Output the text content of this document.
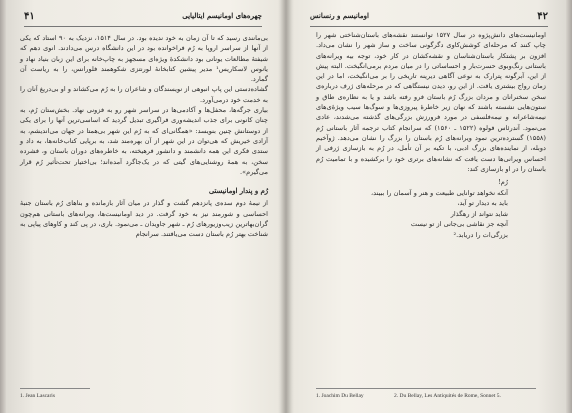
چهره‌های اومانیسم ایتالیایی
۴۱

بی‌مانندی رسید که تا آن زمان به خود ندیده بود. در سال ۱۵۱۴، نزدیک به ۹۰ استاد که یکی از آنها از سراسر اروپا به رُم فراخوانده بود در این دانشگاه درس می‌دادند. انوی دهم که شیفتهٔ مطالعات یونانی بود دانشکدهٔ ویژه‌ای مسجهز به چاپ‌خانه برای این زبان بنیاد نهاد و یانوس لاسکاریس¹ مدیر پیشین کتابخانهٔ لورنتزی شکوهمند فلورانس، را به ریاست آن گمارد.

گشاده‌دستی این پاپ انبوهی از نویسندگان و شاعران را به رُم می‌کشاند و او بی‌دریغ آنان را به خدمت خود درمی‌آورد.

بیاری جرگه‌ها، محفل‌ها و آکادمی‌ها در سراسر شهر رو به فزونی نهاد. بخش‌ستان رُم، به چنان کانونی برای جذب اندیشه‌وری فراگیری تبدیل گردید که اساسی‌ترین آنها را برای یکی از دوستانش چنین بنویسد: «همگانی‌ای که به رُم این شهر بی‌همتا در جهان می‌اندیشم، به آزادی خیریش که هی‌توان در این شهر از آن بهره‌مند شد، به برپایی کتاب‌خانه‌ها، به داد و ستدی فکری این همه دانشمند و دانشور فرهیخته، به خاطره‌های دوران باستان و، فشرده سخن، به همهٔ روشنایی‌های گیتی که در یک‌جاگرد آمده‌اند؛ بی‌اختیار تحت‌تأثیر رُم قرار می‌گیرم».

رُم و پندار اومانیستی

از نیمهٔ دوم سده‌ی پانزدهم گشت و گذار در میان آثار بازمانده و بناهای رُم باستان جنبهٔ احساسی و شورمند نیز به خود گرفت. در دید اومانیست‌ها، ویرانه‌های باستانی هم‌چون گران‌بهاترین زیب‌وزیورهای رُم ـ شهر جاویدان ـ می‌نمود. باری، در پی کند و کاوهای پیاپی به شناخت بهتر رُم باستان دست می‌یافتند. سرانجام

1. Jean Lascaris
۴۲
اومانیسم و رنسانس

اومانیست‌های دانش‌پژوه در سال ۱۵۲۷ توانستند نقشه‌های باستان‌شناختی شهر را چاپ کنند که مرحله‌ای کوشش‌کاوی دگرگونی ساخت و ساز شهر را نشان می‌داد. افزون بر پشتکار باستان‌شناسان و نقشه‌کشان در کار خود، توجه بیه ویرانه‌های باستانی رنگ‌وبوی حسرت‌بار و احساساتی را در میان مردم برمی‌انگیخت. البته پیش از این، آبرگونه پترارک به نوعی آگاهی دیرینه تاریخی را بر می‌انگیخت، اما در این زمان رواج بیشتری یافت. از این رو، دیدن نیستگاهی که در مرحله‌های ژرف درباره‌ی سخن سخنرانان و مردان بزرگ رُم باستان فرو رفته باشد و یا به نظاره‌ی طاق و ستون‌هایی نشسته باشند که نهان زیر خاطرهٔ پیروزی‌ها و سوگ‌ها سیب ویژهٔ‌ی‌های نیمه‌شاعرانه و نیمه‌فلسفی در مورد فرورزش بزرگی‌های گذشته می‌شدند، عادی می‌نمود. آندرئاس فولوه (۱۵۲۲ ـ ۱۵۶۰) که سرانجام کتاب ترجمه آثار باستانی رُم (۱۵۵۸) گسترده‌ترین نمود ویرانه‌های رُم باستان را بزرگ را نشان می‌دهد. ژوآخیم دوبله، از نماینده‌های بزرگ ادبی، با تکیه بر آن تأمل، در رُم به بازسازی ژرفی از احساس ویرانی‌ها دست یافت که نشانه‌های برتری خود را برکشیده و با تمامیت رُم باستان را در او بازسازی کند:

رُم!
آنکه نخواهد توانایی طبیعت و هنر و آسمان را ببیند،
باید به دیدار تو آید،
شاید نتواند از رهگذار
آنچه جز نقاشی بی‌جانی از تو نیست
بزرگی‌ات را دریابد.²
1. Joachim Du Bellay	2. Du Bellay, Les Antiquités de Rome, Sonnet 5.
